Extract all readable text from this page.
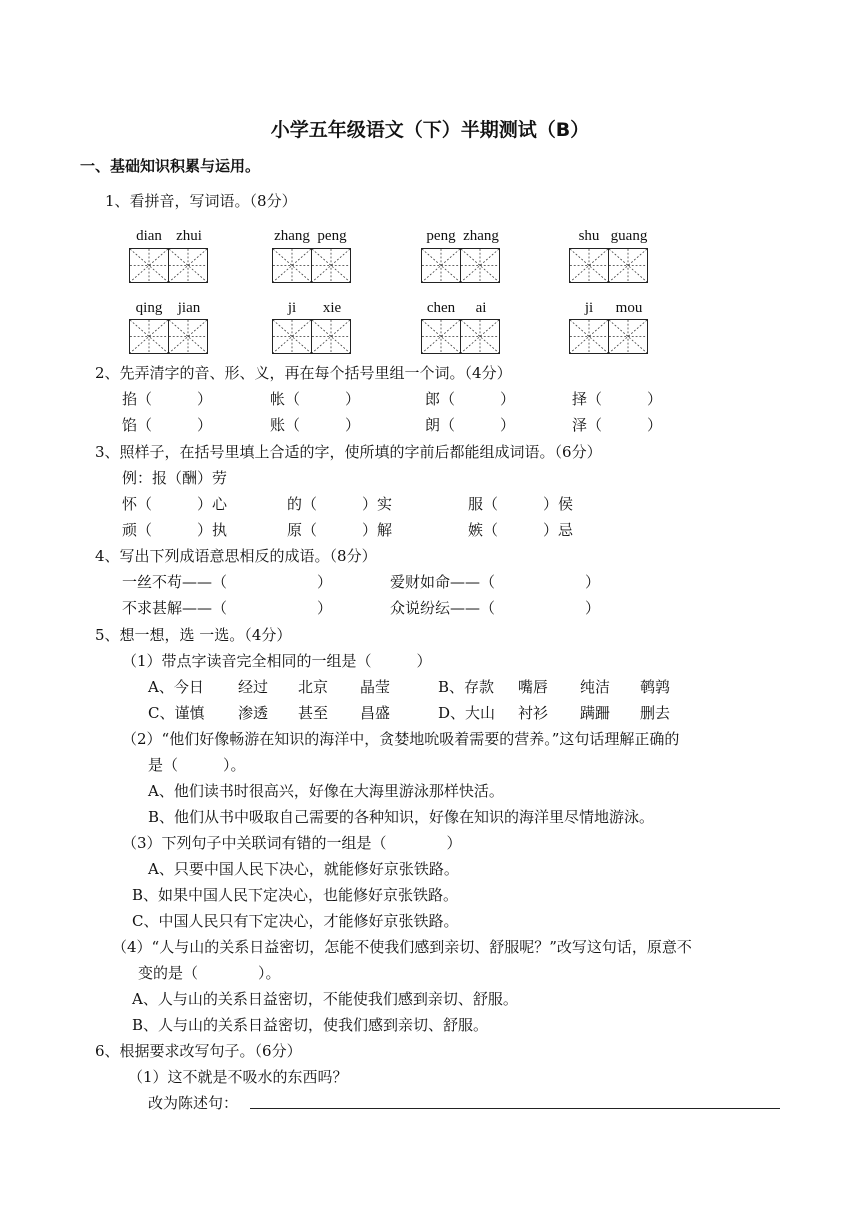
小学五年级语文（下）半期测试（B）
一、基础知识积累与运用。
1、看拼音，写词语。（8分）
dian zhui	zhang peng	peng zhang	shu guang
qing jian	ji xie	chen ai	ji mou
2、先弄清字的音、形、义，再在每个括号里组一个词。（4分）
掐（　　　）	帐（　　　）	郎（　　　）	择（　　　）
馅（　　　）	账（　　　）	朗（　　　）	泽（　　　）
3、照样子，在括号里填上合适的字，使所填的字前后都能组成词语。（6分）
例：报（酬）劳
怀（　　　）心	的（　　　）实	服（　　　）侯
顽（　　　）执	原（　　　）解	嫉（　　　）忌
4、写出下列成语意思相反的成语。（8分）
一丝不苟——（　　　　　　）	爱财如命——（　　　　　　）
不求甚解——（　　　　　　）	众说纷纭——（　　　　　　）
5、想一想，选 一选。（4分）
（1）带点字读音完全相同的一组是（　　　）
A、今日 经过 北京 晶莹	B、存款 嘴唇 纯洁 鹌鹑
C、谨慎 渗透 甚至 昌盛	D、大山 衬衫 蹒跚 删去
（2）“他们好像畅游在知识的海洋中，贪婪地吮吸着需要的营养。”这句话理解正确的
是（　　　）。
A、他们读书时很高兴，好像在大海里游泳那样快活。
B、他们从书中吸取自己需要的各种知识，好像在知识的海洋里尽情地游泳。
（3）下列句子中关联词有错的一组是（　　　　）
A、只要中国人民下决心，就能修好京张铁路。
B、如果中国人民下定决心，也能修好京张铁路。
C、中国人民只有下定决心，才能修好京张铁路。
（4）“人与山的关系日益密切，怎能不使我们感到亲切、舒服呢？”改写这句话，原意不
变的是（　　　　）。
A、人与山的关系日益密切，不能使我们感到亲切、舒服。
B、人与山的关系日益密切，使我们感到亲切、舒服。
6、根据要求改写句子。（6分）
（1）这不就是不吸水的东西吗？
改为陈述句：
